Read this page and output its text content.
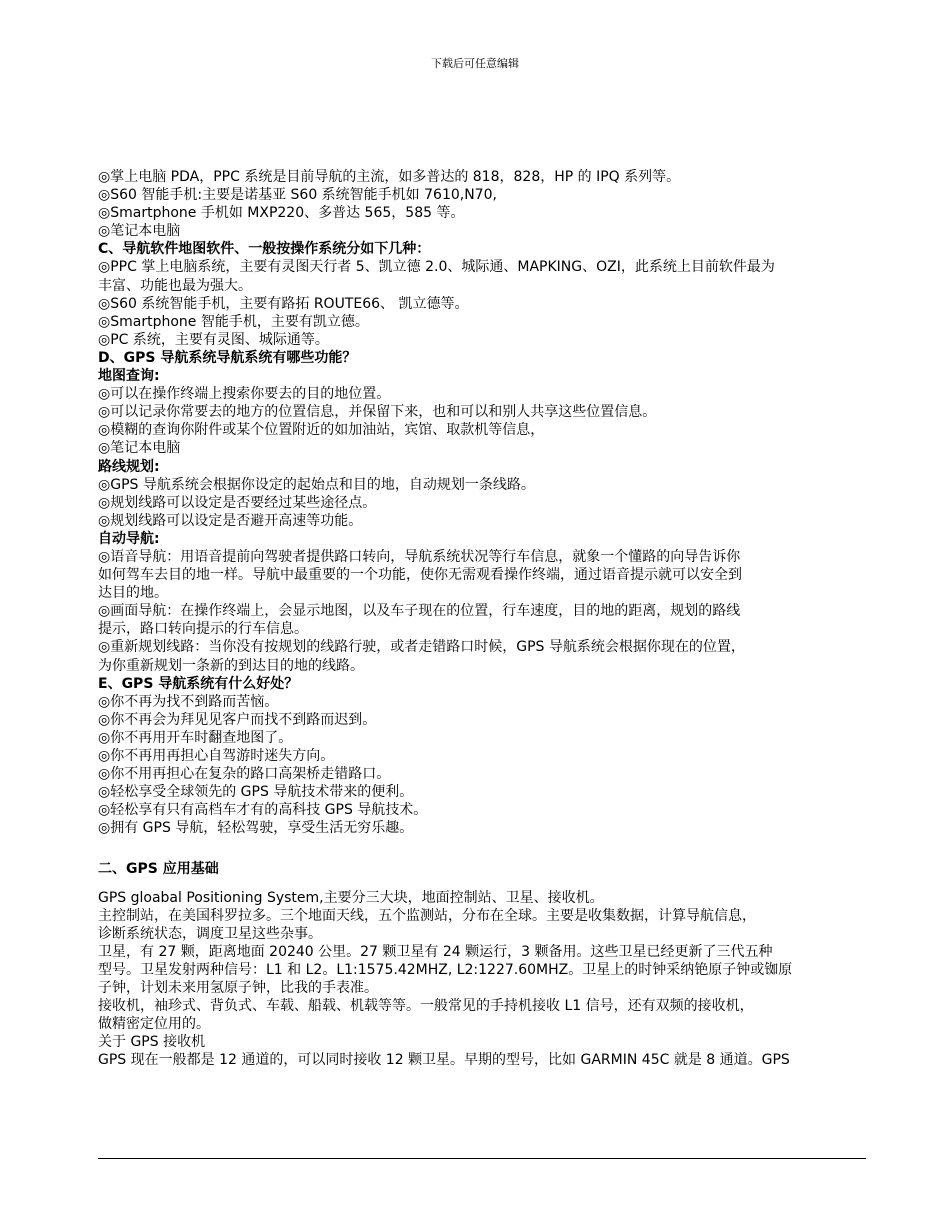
下载后可任意编辑
◎掌上电脑 PDA，PPC 系统是目前导航的主流，如多普达的 818，828，HP 的 IPQ 系列等。
◎S60 智能手机:主要是诺基亚 S60 系统智能手机如 7610,N70,
◎Smartphone 手机如 MXP220、多普达 565，585 等。
◎笔记本电脑
C、导航软件地图软件、一般按操作系统分如下几种：
◎PPC 掌上电脑系统，主要有灵图天行者 5、凯立德 2.0、城际通、MAPKING、OZI，此系统上目前软件最为
丰富、功能也最为强大。
◎S60 系统智能手机，主要有路拓 ROUTE66、 凯立德等。
◎Smartphone 智能手机，主要有凯立德。
◎PC 系统，主要有灵图、城际通等。
D、GPS 导航系统导航系统有哪些功能？
地图查询:
◎可以在操作终端上搜索你要去的目的地位置。
◎可以记录你常要去的地方的位置信息，并保留下来，也和可以和别人共享这些位置信息。
◎模糊的查询你附件或某个位置附近的如加油站，宾馆、取款机等信息，
◎笔记本电脑
路线规划:
◎GPS 导航系统会根据你设定的起始点和目的地，自动规划一条线路。
◎规划线路可以设定是否要经过某些途径点。
◎规划线路可以设定是否避开高速等功能。
自动导航:
◎语音导航：用语音提前向驾驶者提供路口转向，导航系统状况等行车信息，就象一个懂路的向导告诉你
如何驾车去目的地一样。导航中最重要的一个功能，使你无需观看操作终端，通过语音提示就可以安全到
达目的地。
◎画面导航：在操作终端上，会显示地图，以及车子现在的位置，行车速度，目的地的距离，规划的路线
提示，路口转向提示的行车信息。
◎重新规划线路：当你没有按规划的线路行驶，或者走错路口时候，GPS 导航系统会根据你现在的位置，
为你重新规划一条新的到达目的地的线路。
E、GPS 导航系统有什么好处？
◎你不再为找不到路而苦恼。
◎你不再会为拜见见客户而找不到路而迟到。
◎你不再用开车时翻查地图了。
◎你不再用再担心自驾游时迷失方向。
◎你不用再担心在复杂的路口高架桥走错路口。
◎轻松享受全球领先的 GPS 导航技术带来的便利。
◎轻松享有只有高档车才有的高科技 GPS 导航技术。
◎拥有 GPS 导航，轻松驾驶，享受生活无穷乐趣。
二、GPS 应用基础
GPS gloabal Positioning System,主要分三大块，地面控制站、卫星、接收机。
主控制站，在美国科罗拉多。三个地面天线，五个监测站，分布在全球。主要是收集数据，计算导航信息，
诊断系统状态，调度卫星这些杂事。
卫星，有 27 颗，距离地面 20240 公里。27 颗卫星有 24 颗运行，3 颗备用。这些卫星已经更新了三代五种
型号。卫星发射两种信号：L1 和 L2。L1:1575.42MHZ, L2:1227.60MHZ。卫星上的时钟采纳铯原子钟或铷原
子钟，计划未来用氢原子钟，比我的手表准。
接收机，袖珍式、背负式、车载、船载、机载等等。一般常见的手持机接收 L1 信号，还有双频的接收机，
做精密定位用的。
关于 GPS 接收机
GPS 现在一般都是 12 通道的，可以同时接收 12 颗卫星。早期的型号，比如 GARMIN 45C 就是 8 通道。GPS
